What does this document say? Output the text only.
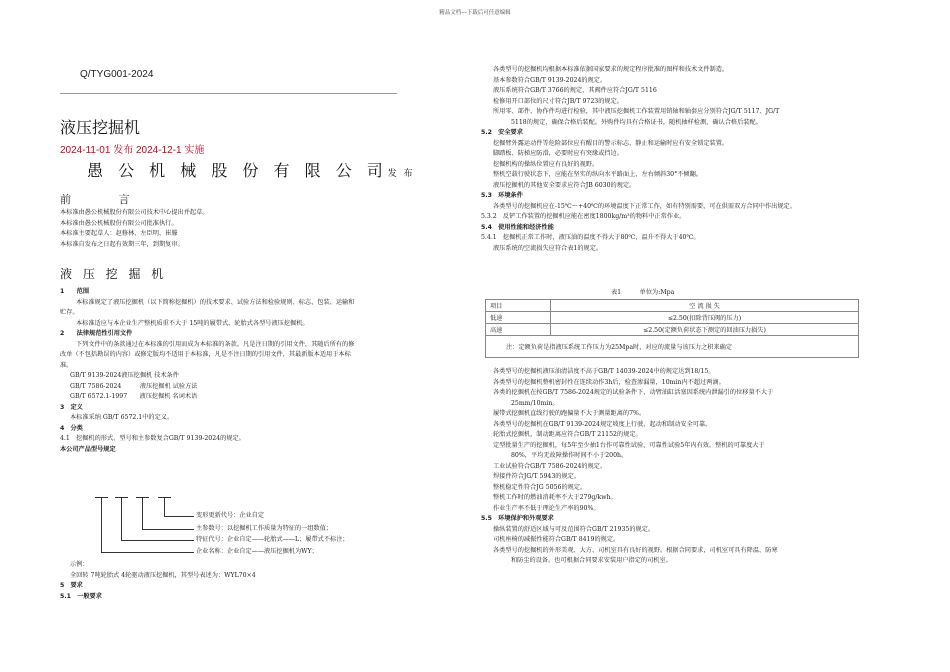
精品文档---下载后可任意编辑
Q/TYG001-2024
液压挖掘机
2024-11-01 发布 2024-12-1 实施
愚 公 机 械 股 份 有 限 公 司发 布
前 言
本标准由愚公机械股份有限公司技术中心提出并起草。
本标准由愚公机械股份有限公司批准执行。
本标准主要起草人：赵修林、左臣明、崔滕
本标准自发布之日起有效期三年，到期复审。
液 压 挖 掘 机
1　　范围
本标准规定了液压挖掘机（以下简称挖掘机）的技术要求、试验方法和检验规则、标志、包装、运输和
贮存。
本标准适应与本企业生产整机质重不大于 15吨的履带式、轮胎式各型号液压挖掘机。
2　　法律规范性引用文件
下列文件中的条款通过在本标准的引用而成为本标准的条款。凡是注日期的引用文件，其随后所有的修
改单（不包括勘误的内容）或修定版均不适用于本标准，凡是不注日期的引用文件，其最新版本适用于本标
准。
GB/T 9139-2024液压挖掘机 技术条件
GB/T 7586-2024　　　液压挖掘机 试验方法
GB/T 6572.1-1997　　液压挖掘机 名词术语
3　定义
本标准采纳 GB/T 6572.1中的定义。
4　分类
4.1　挖掘机的形式、型号和主参数复合GB/T 9139-2024的规定。
本公司产品型号规定
变形更新代号：企业自定
主参数号：以挖掘机工作质量为特征的一组数值；
特征代号：企业自定——轮胎式——L；履带式不标注；
企业名称：企业自定——液压挖掘机为WY；
示例：
全回转 7吨轮胎式 4轮驱动液压挖掘机，其型号表述为：WYL70×4
5　要求
5.1　一般要求
各类型号的挖掘机均根据本标准依据国家要求的规定程序批准的图样和技术文件制造。
基本参数符合GB/T 9139-2024的规定。
液压系统符合GB/T 3766的规定，其阀件应符合JG/T 5116
检修用开口部位的尺寸符合JB/T 9723的规定。
所用零、部件、协作件均进行检验，其中液压挖掘机工作装置用销轴和轴套应分别符合JG/T 5117、JG/T
5118的规定，确保合格后装配。外购件均具有合格证书，随机抽样检测，确认合格后装配。
5.2　安全要求
挖掘臂外露运动件等危险部位应有醒目的警示标志，静止和运输时应有安全锁定装置。
脚踏板、防梯应防滑，必要时应有突缘或挡边。
挖掘机构的操纵位置应有良好的视野。
整机空载行驶状态下，应能在坚实的纵向水平路面上，左右倾斜30°不倾翻。
液压挖掘机的其他安全要求应符合JB 6030的规定。
5.3　环境条件
各类型号的挖掘机应在-15℃～+40℃的环境温度下正常工作，如有特别需要，可在供需双方合同中作出规定。
5.3.2　反铲工作装置的挖掘机应能在密度1800kg/m³的物料中正常作业。
5.4　使用性能和经济性能
5.4.1　挖掘机正常工作时，液压油的温度不得大于80℃，温升不得大于40℃。
液压系统的空流损失应符合表1的规定。
表1　　　单位为:Mpa
项目	空 流 损 失
低速	≤2.50(扣除背压阀的压力)
高速	≤2.50(定额负荷状态下测定的回油压力损失)
注：定额负荷是指液压系统工作压力为25Mpa时，对应的流量与该压力之积来确定	
各类型号的挖掘机液压油清洁度不高于GB/T 14039-2024中的规定达到18/15。
各类型号的挖掘机整机密封性在连续动作3h后，检查渗漏量，10min内不超过两滴。
各类的挖掘机在按GB/T 7586-2024规定的试验条件下，动臂油缸活塞因系统内泄漏引的位移量不大于
25mm/10min。
履带式挖掘机直线行驶的跑偏量不大于测量距离的7%。
各类型号的挖掘机在GB/T 9139-2024规定坡度上行驶、起动和制动安全可靠。
轮胎式挖掘机，制动距离应符合GB/T 21152的规定。
定型批量生产的挖掘机，每5年至少抽1台作可靠性试验，可靠性试验5年内有效。整机的可靠度大于
80%，平均无故障操作时间不小于200h。
工业试验符合GB/T 7586-2024的规定。
焊接件符合JG/T 5943的规定。
整机稳定性符合JG 5056的规定。
整机工作时的燃油消耗率不大于279g/kwh。
作业生产率不低于理论生产率的90%。
5.5　环境保护和外观要求
操纵装置的舒适区域与可及范围符合GB/T 21935的规定。
司机座椅的减振性能符合GB/T 8419的规定。
各类型号的挖掘机的外形美观、大方、司机室具有良好的视野。根据合同要求，司机室可具有降温、防寒
和防尘的设备。也可根据合同要求安装用户指定的司机室。
